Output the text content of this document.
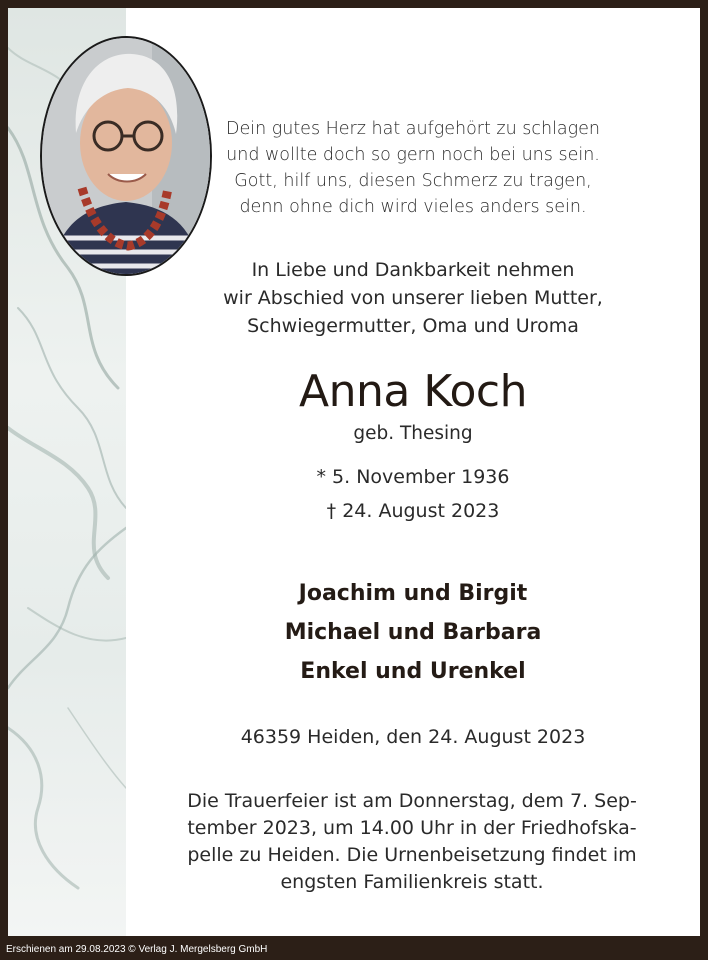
Dein gutes Herz hat aufgehört zu schlagen
und wollte doch so gern noch bei uns sein.
Gott, hilf uns, diesen Schmerz zu tragen,
denn ohne dich wird vieles anders sein.
In Liebe und Dankbarkeit nehmen
wir Abschied von unserer lieben Mutter,
Schwiegermutter, Oma und Uroma
Anna Koch
geb. Thesing
* 5. November 1936
† 24. August 2023
Joachim und Birgit
Michael und Barbara
Enkel und Urenkel
46359 Heiden, den 24. August 2023
Die Trauerfeier ist am Donnerstag, dem 7. Sep-
tember 2023, um 14.00 Uhr in der Friedhofska-
pelle zu Heiden. Die Urnenbeisetzung findet im
engsten Familienkreis statt.
Erschienen am 29.08.2023 © Verlag J. Mergelsberg GmbH
